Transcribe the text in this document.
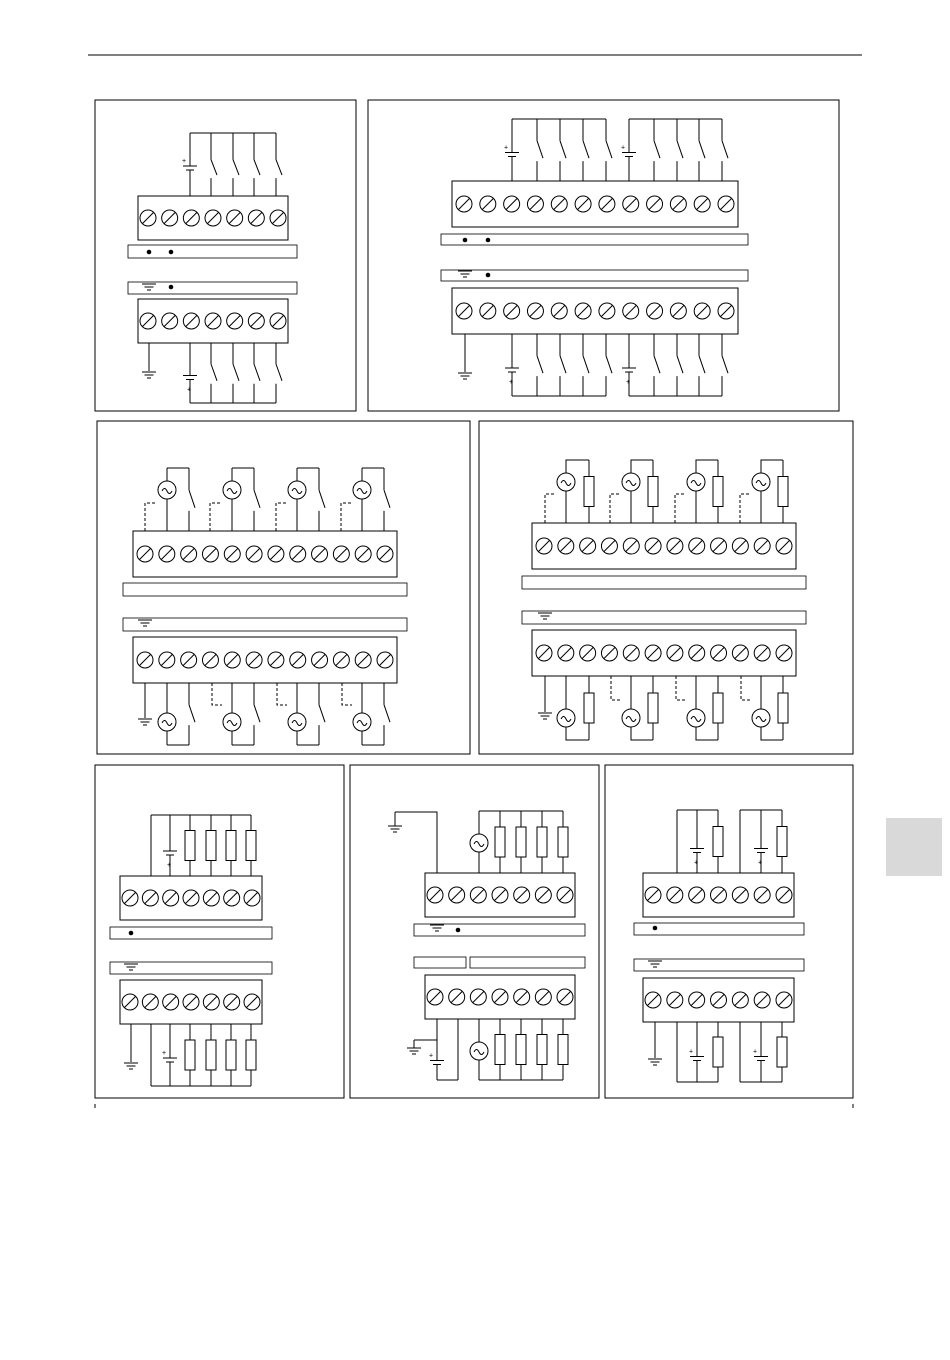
+
+
+	+
+	+
+
+	+
+	+
+	+
